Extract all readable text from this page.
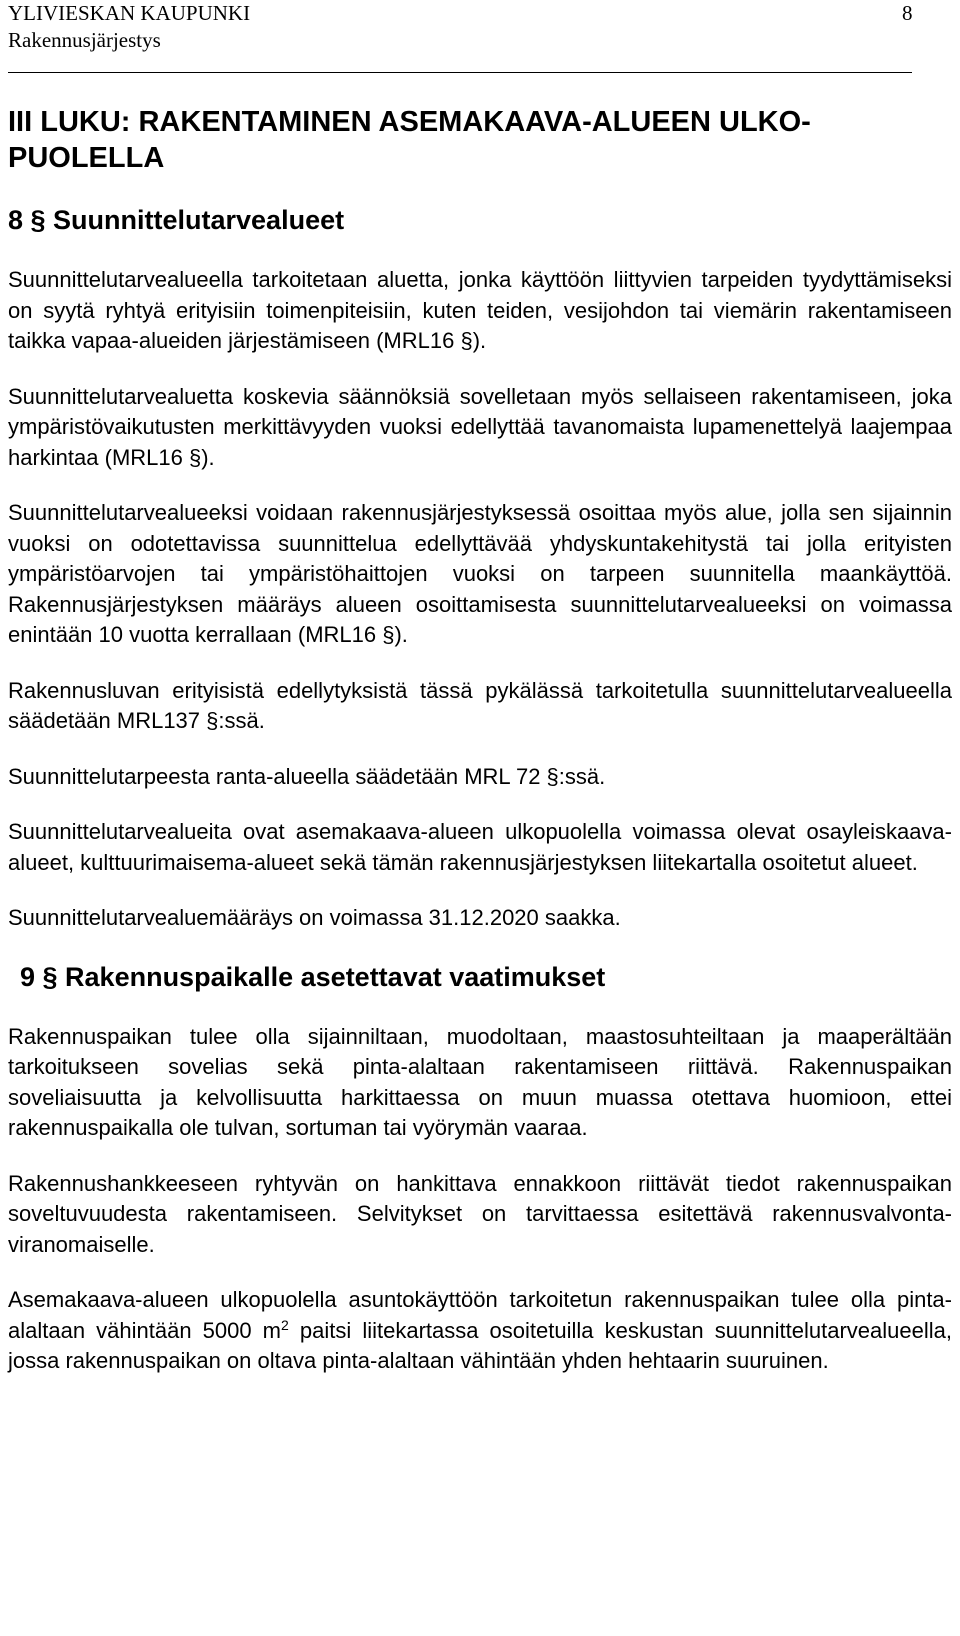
YLIVIESKAN KAUPUNKI	8
Rakennusjärjestys
III LUKU: RAKENTAMINEN ASEMAKAAVA-ALUEEN ULKO-PUOLELLA
8 § Suunnittelutarvealueet

Suunnittelutarvealueella tarkoitetaan aluetta, jonka käyttöön liittyvien tarpeiden tyydyttämiseksi on syytä ryhtyä erityisiin toimenpiteisiin, kuten teiden, vesijohdon tai viemärin rakentamiseen taikka vapaa-alueiden järjestämiseen (MRL16 §).

Suunnittelutarvealuetta koskevia säännöksiä sovelletaan myös sellaiseen rakentamiseen, joka ympäristövaikutusten merkittävyyden vuoksi edellyttää tavanomaista lupamenettelyä laajempaa harkintaa (MRL16 §).

Suunnittelutarvealueeksi voidaan rakennusjärjestyksessä osoittaa myös alue, jolla sen sijainnin vuoksi on odotettavissa suunnittelua edellyttävää yhdyskuntakehitystä tai jolla erityisten ympäristöarvojen tai ympäristöhaittojen vuoksi on tarpeen suunnitella maankäyttöä. Rakennusjärjestyksen määräys alueen osoittamisesta suunnittelutarvealueeksi on voimassa enintään 10 vuotta kerrallaan (MRL16 §).

Rakennusluvan erityisistä edellytyksistä tässä pykälässä tarkoitetulla suunnittelutarvealueella säädetään MRL137 §:ssä.

Suunnittelutarpeesta ranta-alueella säädetään MRL 72 §:ssä.

Suunnittelutarvealueita ovat asemakaava-alueen ulkopuolella voimassa olevat osayleiskaava-alueet, kulttuurimaisema-alueet sekä tämän rakennusjärjestyksen liitekartalla osoitetut alueet.

Suunnittelutarvealuemääräys on voimassa 31.12.2020 saakka.

9 § Rakennuspaikalle asetettavat vaatimukset

Rakennuspaikan tulee olla sijainniltaan, muodoltaan, maastosuhteiltaan ja maaperältään tarkoitukseen sovelias sekä pinta-alaltaan rakentamiseen riittävä. Rakennuspaikan soveliaisuutta ja kelvollisuutta harkittaessa on muun muassa otettava huomioon, ettei rakennuspaikalla ole tulvan, sortuman tai vyörymän vaaraa.

Rakennushankkeeseen ryhtyvän on hankittava ennakkoon riittävät tiedot rakennuspaikan soveltuvuudesta rakentamiseen. Selvitykset on tarvittaessa esitettävä rakennusvalvonta-viranomaiselle.

Asemakaava-alueen ulkopuolella asuntokäyttöön tarkoitetun rakennuspaikan tulee olla pinta-alaltaan vähintään 5000 $m^2$ paitsi liitekartassa osoitetuilla keskustan suunnittelutarvealueella, jossa rakennuspaikan on oltava pinta-alaltaan vähintään yhden hehtaarin suuruinen.
